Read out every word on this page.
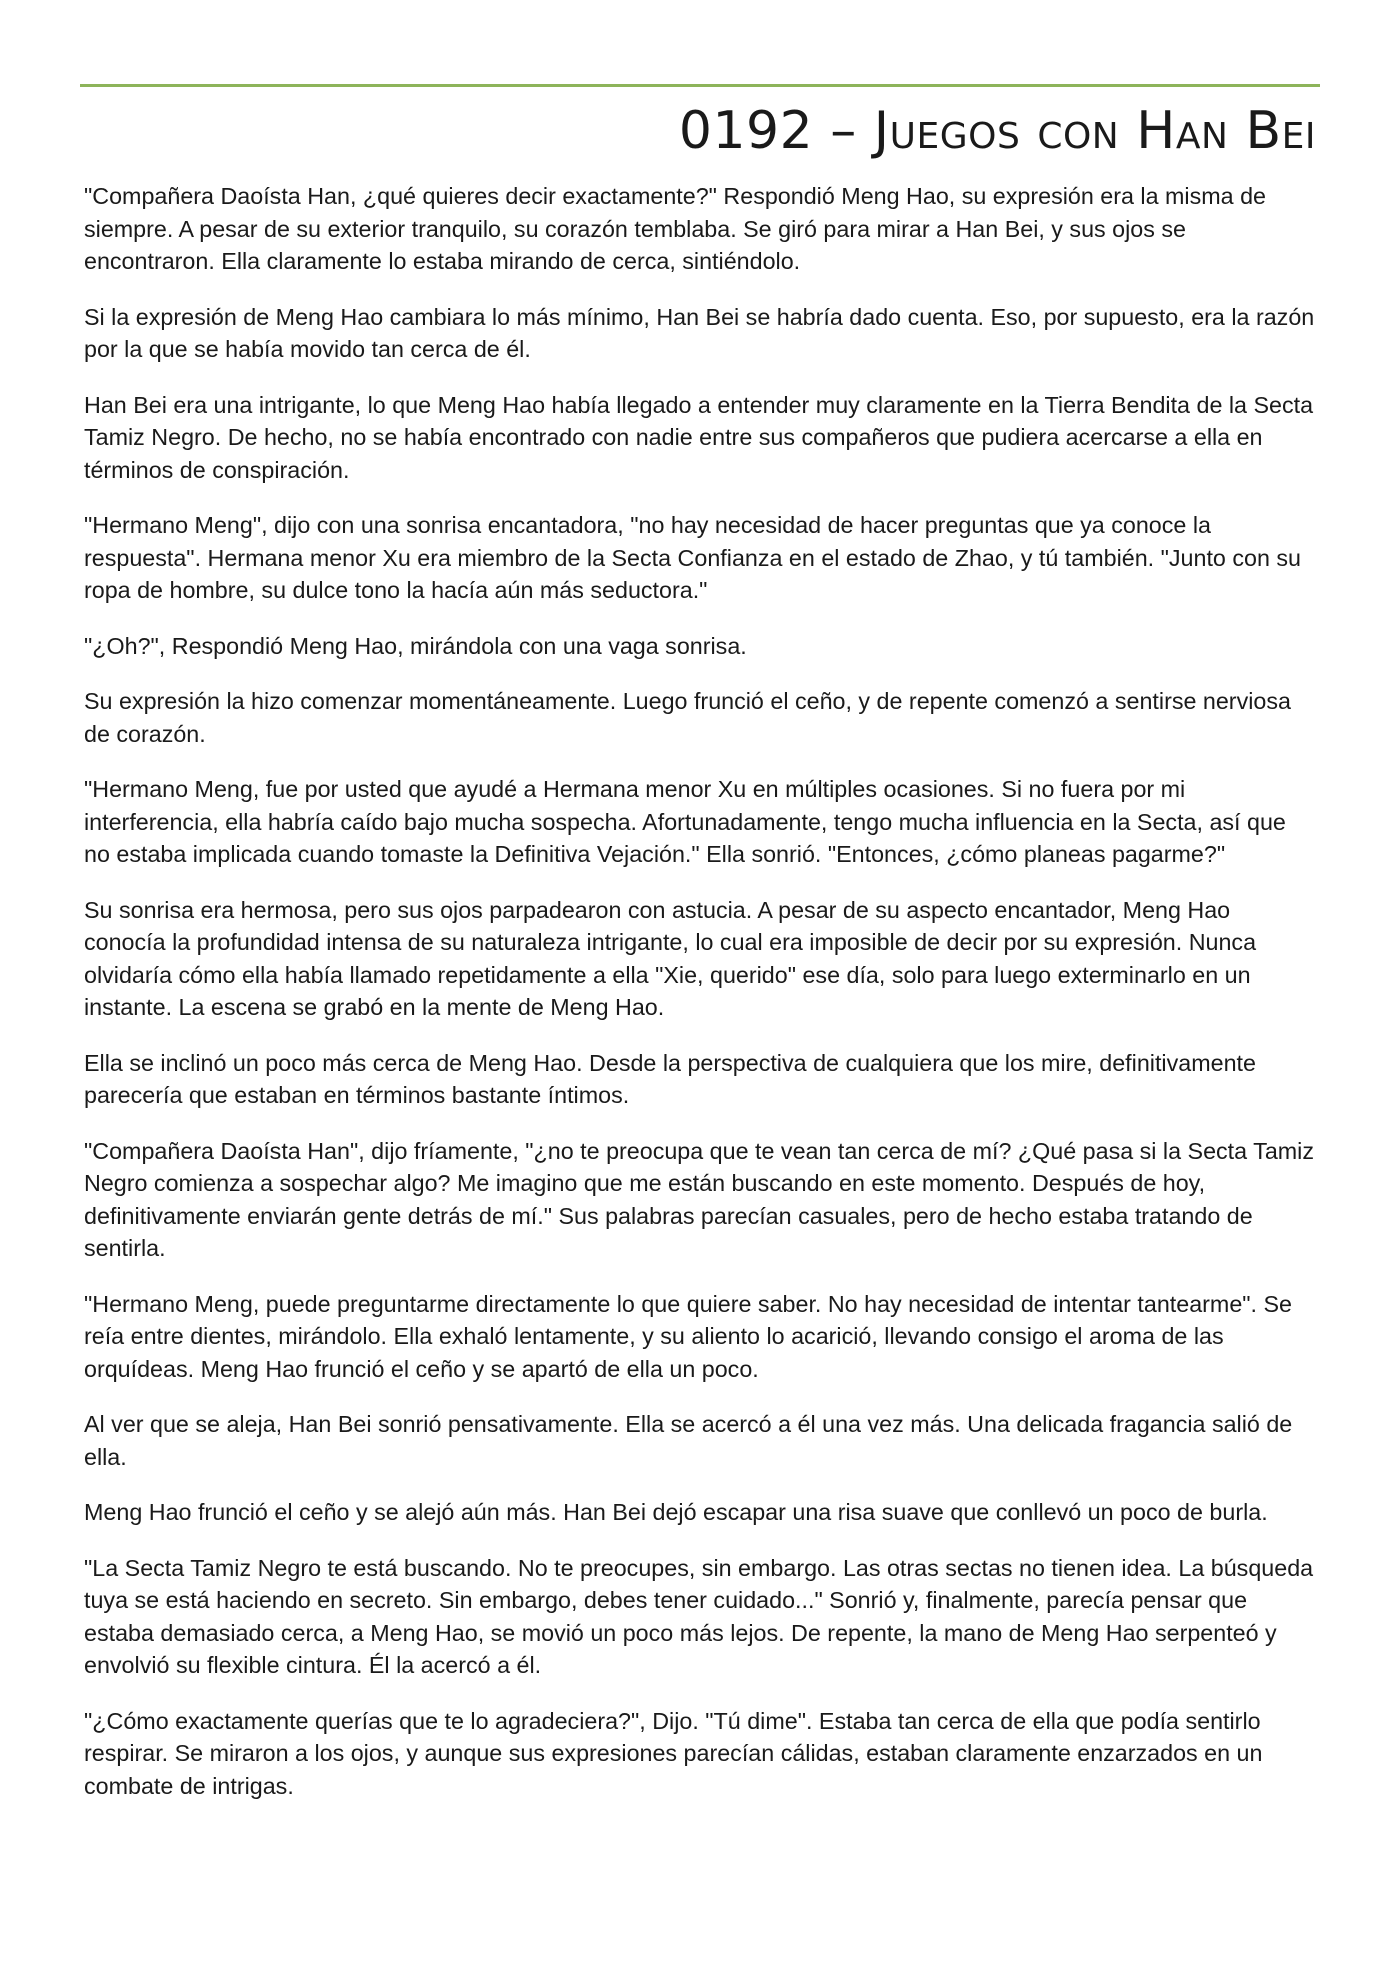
0192 – Juegos con Han Bei

"Compañera Daoísta Han, ¿qué quieres decir exactamente?" Respondió Meng Hao, su expresión era la misma de siempre. A pesar de su exterior tranquilo, su corazón temblaba. Se giró para mirar a Han Bei, y sus ojos se encontraron. Ella claramente lo estaba mirando de cerca, sintiéndolo.

Si la expresión de Meng Hao cambiara lo más mínimo, Han Bei se habría dado cuenta. Eso, por supuesto, era la razón por la que se había movido tan cerca de él.

Han Bei era una intrigante, lo que Meng Hao había llegado a entender muy claramente en la Tierra Bendita de la Secta Tamiz Negro. De hecho, no se había encontrado con nadie entre sus compañeros que pudiera acercarse a ella en términos de conspiración.

"Hermano Meng", dijo con una sonrisa encantadora, "no hay necesidad de hacer preguntas que ya conoce la respuesta". Hermana menor Xu era miembro de la Secta Confianza en el estado de Zhao, y tú también. "Junto con su ropa de hombre, su dulce tono la hacía aún más seductora."

"¿Oh?", Respondió Meng Hao, mirándola con una vaga sonrisa.

Su expresión la hizo comenzar momentáneamente. Luego frunció el ceño, y de repente comenzó a sentirse nerviosa de corazón.

"Hermano Meng, fue por usted que ayudé a Hermana menor Xu en múltiples ocasiones. Si no fuera por mi interferencia, ella habría caído bajo mucha sospecha. Afortunadamente, tengo mucha influencia en la Secta, así que no estaba implicada cuando tomaste la Definitiva Vejación." Ella sonrió. "Entonces, ¿cómo planeas pagarme?"

Su sonrisa era hermosa, pero sus ojos parpadearon con astucia. A pesar de su aspecto encantador, Meng Hao conocía la profundidad intensa de su naturaleza intrigante, lo cual era imposible de decir por su expresión. Nunca olvidaría cómo ella había llamado repetidamente a ella "Xie, querido" ese día, solo para luego exterminarlo en un instante. La escena se grabó en la mente de Meng Hao.

Ella se inclinó un poco más cerca de Meng Hao. Desde la perspectiva de cualquiera que los mire, definitivamente parecería que estaban en términos bastante íntimos.

"Compañera Daoísta Han", dijo fríamente, "¿no te preocupa que te vean tan cerca de mí? ¿Qué pasa si la Secta Tamiz Negro comienza a sospechar algo? Me imagino que me están buscando en este momento. Después de hoy, definitivamente enviarán gente detrás de mí." Sus palabras parecían casuales, pero de hecho estaba tratando de sentirla.

"Hermano Meng, puede preguntarme directamente lo que quiere saber. No hay necesidad de intentar tantearme". Se reía entre dientes, mirándolo. Ella exhaló lentamente, y su aliento lo acarició, llevando consigo el aroma de las orquídeas. Meng Hao frunció el ceño y se apartó de ella un poco.

Al ver que se aleja, Han Bei sonrió pensativamente. Ella se acercó a él una vez más. Una delicada fragancia salió de ella.

Meng Hao frunció el ceño y se alejó aún más. Han Bei dejó escapar una risa suave que conllevó un poco de burla.

"La Secta Tamiz Negro te está buscando. No te preocupes, sin embargo. Las otras sectas no tienen idea. La búsqueda tuya se está haciendo en secreto. Sin embargo, debes tener cuidado..." Sonrió y, finalmente, parecía pensar que estaba demasiado cerca, a Meng Hao, se movió un poco más lejos. De repente, la mano de Meng Hao serpenteó y envolvió su flexible cintura. Él la acercó a él.

"¿Cómo exactamente querías que te lo agradeciera?", Dijo. "Tú dime". Estaba tan cerca de ella que podía sentirlo respirar. Se miraron a los ojos, y aunque sus expresiones parecían cálidas, estaban claramente enzarzados en un combate de intrigas.
